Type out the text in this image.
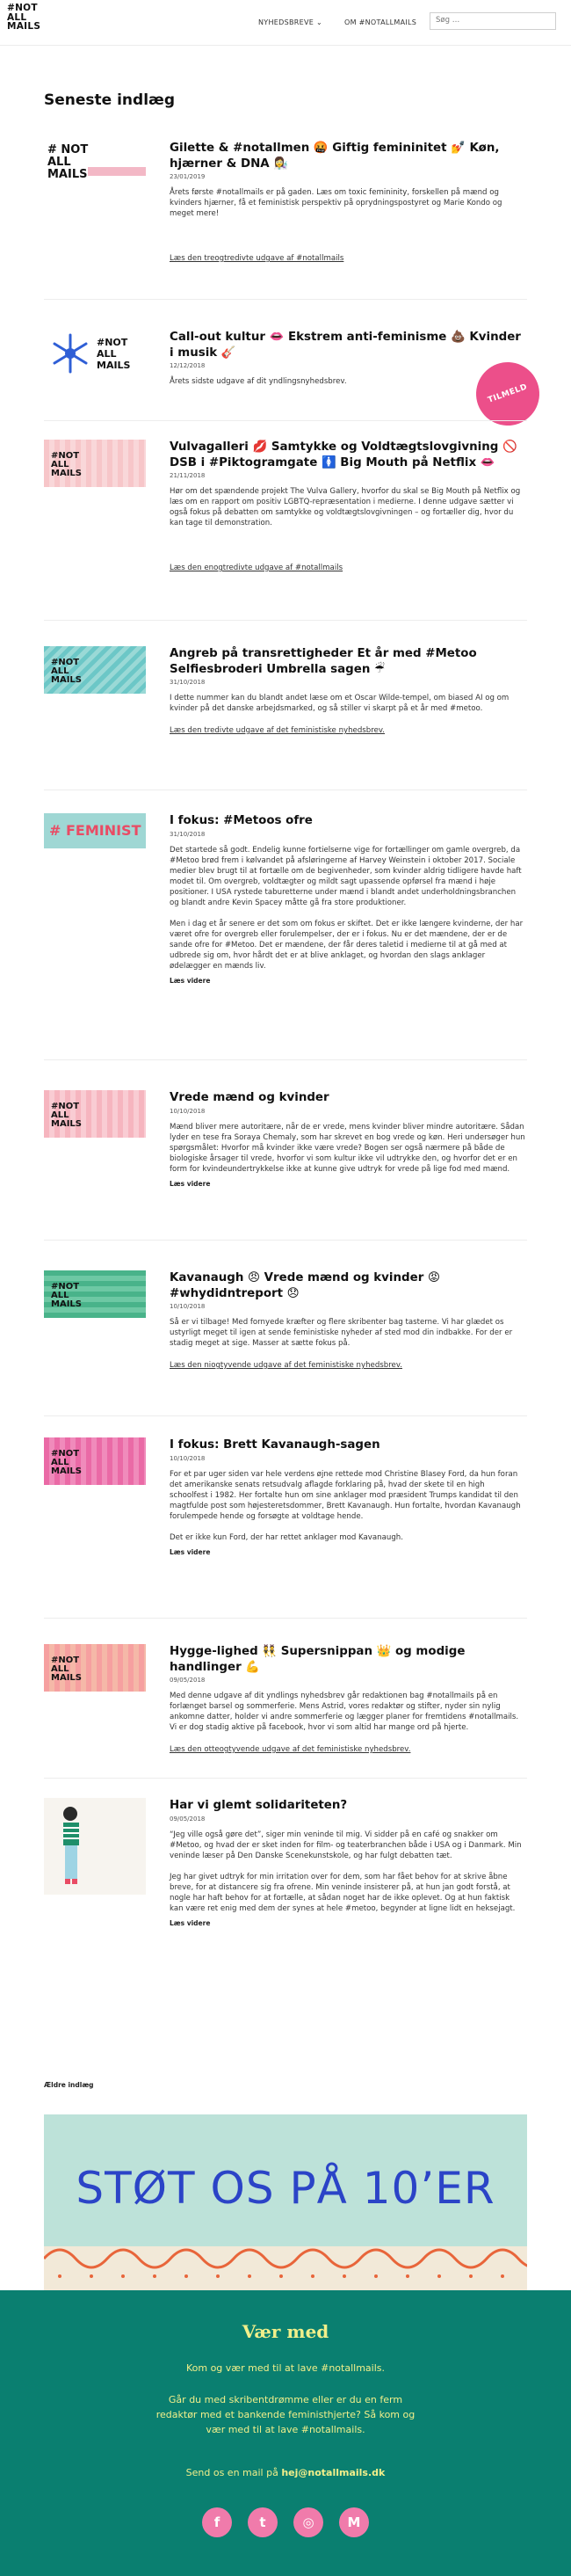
#NOT
ALL
MAILS	NYHEDSBREVE ⌄	OM #NOTALLMAILS	Søg …
Seneste indlæg
# NOT
ALL
MAILS
Gilette & #notallmen 🤬 Giftig femininitet 💅 Køn, hjærner & DNA 👩‍🔬
23/01/2019
Årets første #notallmails er på gaden. Læs om toxic femininity, forskellen på mænd og kvinders hjærner, få et feministisk perspektiv på oprydningspostyret og Marie Kondo og meget mere!
Læs den treogtredivte udgave af #notallmails
#NOT
ALL
MAILS
Call-out kultur 👄 Ekstrem anti-feminisme 💩 Kvinder i musik 🎸
12/12/2018
Årets sidste udgave af dit yndlingsnyhedsbrev.
TILMELD
#NOT
ALL
MAILS
Vulvagalleri 💋 Samtykke og Voldtægtslovgivning 🚫 DSB i #Piktogramgate 🚺 Big Mouth på Netflix 👄
21/11/2018
Hør om det spændende projekt The Vulva Gallery, hvorfor du skal se Big Mouth på Netflix og læs om en rapport om positiv LGBTQ-repræsentation i medierne. I denne udgave sætter vi også fokus på debatten om samtykke og voldtægtslovgivningen – og fortæller dig, hvor du kan tage til demonstration.
Læs den enogtredivte udgave af #notallmails
#NOT
ALL
MAILS
Angreb på transrettigheder Et år med #Metoo Selfiesbroderi Umbrella sagen ☔
31/10/2018
I dette nummer kan du blandt andet læse om et Oscar Wilde-tempel, om biased AI og om kvinder på det danske arbejdsmarked, og så stiller vi skarpt på et år med #metoo.
Læs den tredivte udgave af det feministiske nyhedsbrev.
# FEMINIST
I fokus: #Metoos ofre
31/10/2018

Det startede så godt. Endelig kunne fortielserne vige for fortællinger om gamle overgreb, da #Metoo brød frem i kølvandet på afsløringerne af Harvey Weinstein i oktober 2017. Sociale medier blev brugt til at fortælle om de begivenheder, som kvinder aldrig tidligere havde haft modet til. Om overgreb, voldtægter og mildt sagt upassende opførsel fra mænd i høje positioner. I USA rystede taburetterne under mænd i blandt andet underholdningsbranchen og blandt andre Kevin Spacey måtte gå fra store produktioner.

Men i dag et år senere er det som om fokus er skiftet. Det er ikke længere kvinderne, der har været ofre for overgreb eller forulempelser, der er i fokus. Nu er det mændene, der er de sande ofre for #Metoo. Det er mændene, der får deres taletid i medierne til at gå med at udbrede sig om, hvor hårdt det er at blive anklaget, og hvordan den slags anklager ødelægger en mænds liv.

Læs videre
#NOT
ALL
MAILS
Vrede mænd og kvinder
10/10/2018
Mænd bliver mere autoritære, når de er vrede, mens kvinder bliver mindre autoritære. Sådan lyder en tese fra Soraya Chemaly, som har skrevet en bog vrede og køn. Heri undersøger hun spørgsmålet: Hvorfor må kvinder ikke være vrede? Bogen ser også nærmere på både de biologiske årsager til vrede, hvorfor vi som kultur ikke vil udtrykke den, og hvorfor det er en form for kvindeundertrykkelse ikke at kunne give udtryk for vrede på lige fod med mænd.
Læs videre
#NOT
ALL
MAILS
Kavanaugh 😠 Vrede mænd og kvinder 😡 #whydidntreport 😞
10/10/2018
Så er vi tilbage! Med fornyede kræfter og flere skribenter bag tasterne. Vi har glædet os ustyrligt meget til igen at sende feministiske nyheder af sted mod din indbakke. For der er stadig meget at sige. Masser at sætte fokus på.
Læs den niogtyvende udgave af det feministiske nyhedsbrev.
#NOT
ALL
MAILS
I fokus: Brett Kavanaugh-sagen
10/10/2018

For et par uger siden var hele verdens øjne rettede mod Christine Blasey Ford, da hun foran det amerikanske senats retsudvalg aflagde forklaring på, hvad der skete til en high schoolfest i 1982. Her fortalte hun om sine anklager mod præsident Trumps kandidat til den magtfulde post som højesteretsdommer, Brett Kavanaugh. Hun fortalte, hvordan Kavanaugh forulempede hende og forsøgte at voldtage hende.

Det er ikke kun Ford, der har rettet anklager mod Kavanaugh.

Læs videre
#NOT
ALL
MAILS
Hygge-lighed 👯 Supersnippan 👑 og modige handlinger 💪
09/05/2018
Med denne udgave af dit yndlings nyhedsbrev går redaktionen bag #notallmails på en forlænget barsel og sommerferie. Mens Astrid, vores redaktør og stifter, nyder sin nylig ankomne datter, holder vi andre sommerferie og lægger planer for fremtidens #notallmails. Vi er dog stadig aktive på facebook, hvor vi som altid har mange ord på hjerte.
Læs den otteogtyvende udgave af det feministiske nyhedsbrev.
Har vi glemt solidariteten?
09/05/2018

“Jeg ville også gøre det”, siger min veninde til mig. Vi sidder på en café og snakker om #Metoo, og hvad der er sket inden for film- og teaterbranchen både i USA og i Danmark. Min veninde læser på Den Danske Scenekunstskole, og har fulgt debatten tæt.

Jeg har givet udtryk for min irritation over for dem, som har fået behov for at skrive åbne breve, for at distancere sig fra ofrene. Min veninde insisterer på, at hun jan godt forstå, at nogle har haft behov for at fortælle, at sådan noget har de ikke oplevet. Og at hun faktisk kan være ret enig med dem der synes at hele #metoo, begynder at ligne lidt en heksejagt.

Læs videre
Ældre indlæg
STØT OS PÅ 10’ER
Vær med
Kom og vær med til at lave #notallmails.
Går du med skribentdrømme eller er du en ferm redaktør med et bankende feministhjerte? Så kom og vær med til at lave #notallmails.
Send os en mail på hej@notallmails.dk
f	t	◎	M
